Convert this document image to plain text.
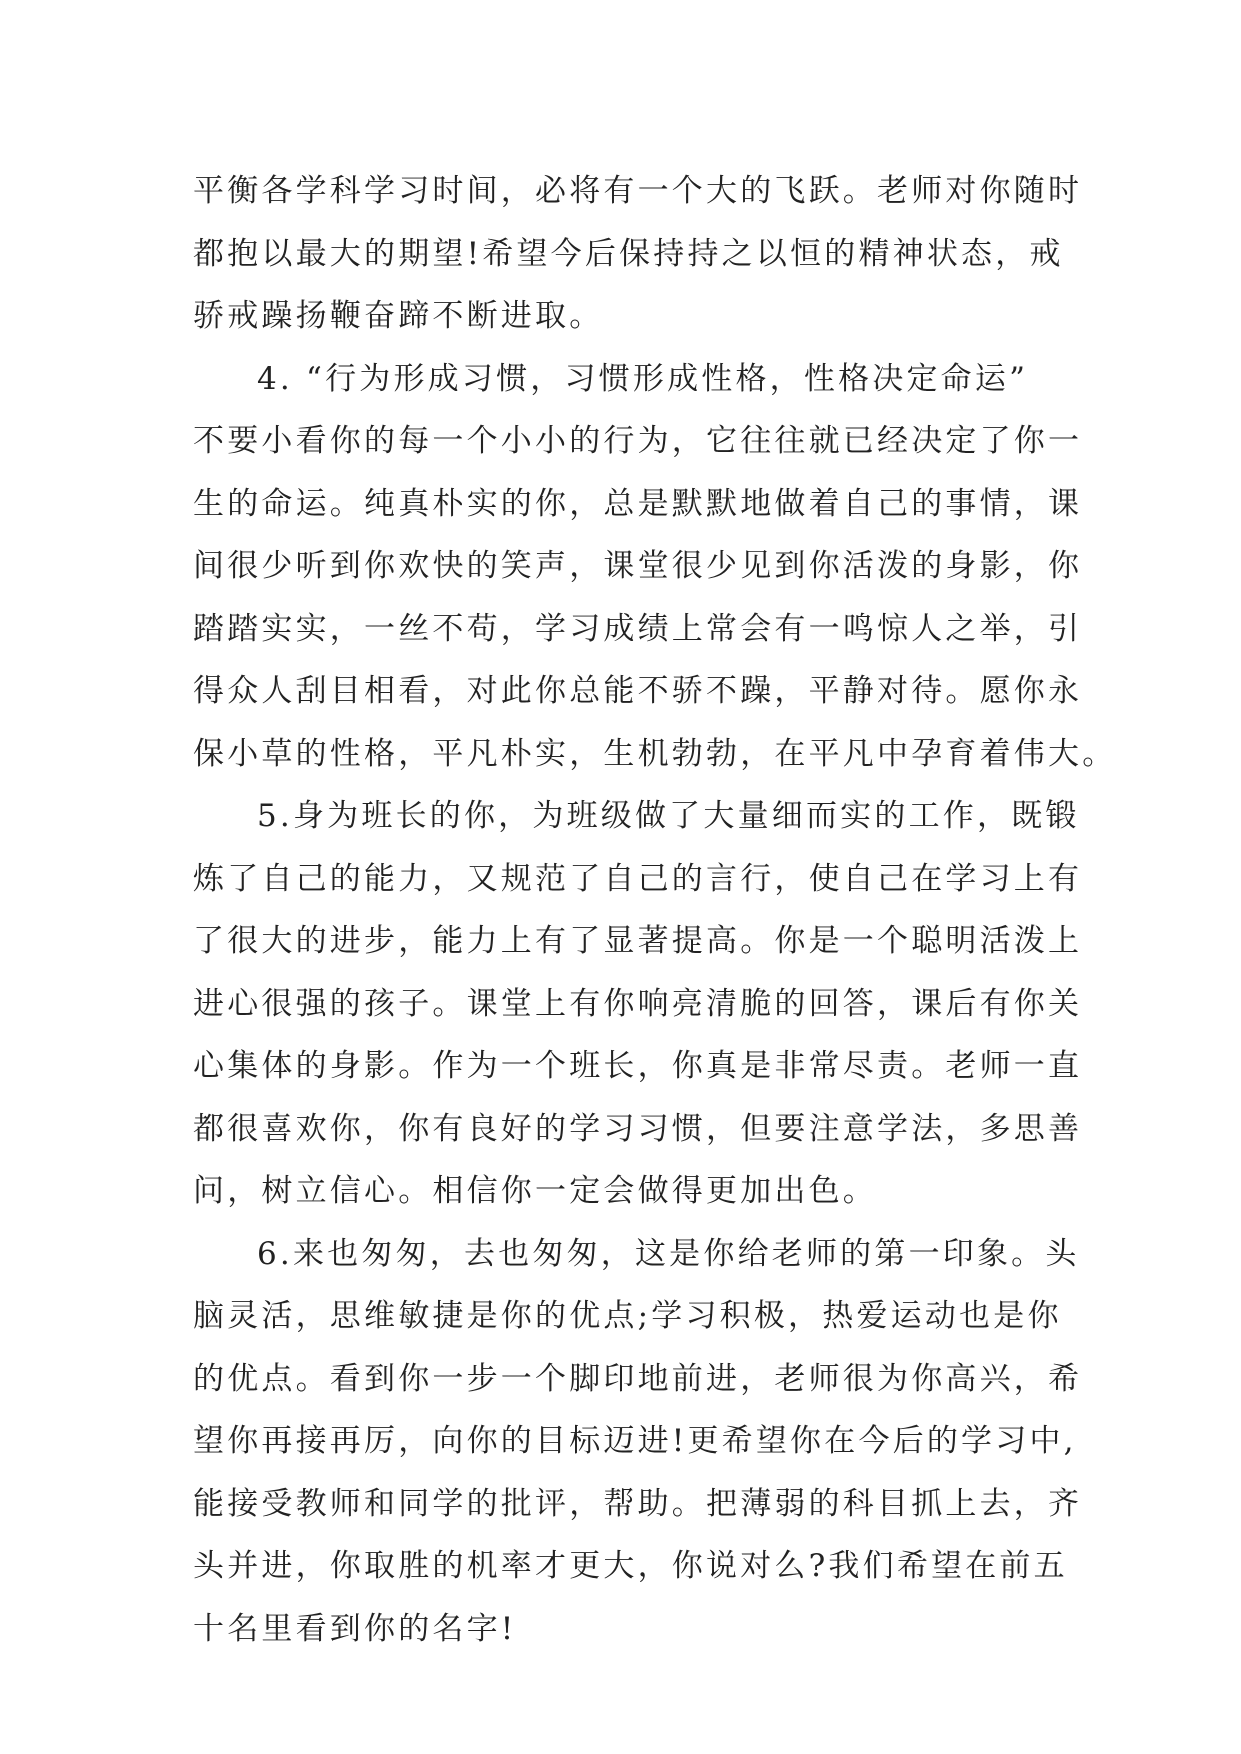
平衡各学科学习时间，必将有一个大的飞跃。老师对你随时
都抱以最大的期望!希望今后保持持之以恒的精神状态，戒
骄戒躁扬鞭奋蹄不断进取。
4. “行为形成习惯，习惯形成性格，性格决定命运”
不要小看你的每一个小小的行为，它往往就已经决定了你一
生的命运。纯真朴实的你，总是默默地做着自己的事情，课
间很少听到你欢快的笑声，课堂很少见到你活泼的身影，你
踏踏实实，一丝不苟，学习成绩上常会有一鸣惊人之举，引
得众人刮目相看，对此你总能不骄不躁，平静对待。愿你永
保小草的性格，平凡朴实，生机勃勃，在平凡中孕育着伟大。
5.身为班长的你，为班级做了大量细而实的工作，既锻
炼了自己的能力，又规范了自己的言行，使自己在学习上有
了很大的进步，能力上有了显著提高。你是一个聪明活泼上
进心很强的孩子。课堂上有你响亮清脆的回答，课后有你关
心集体的身影。作为一个班长，你真是非常尽责。老师一直
都很喜欢你，你有良好的学习习惯，但要注意学法，多思善
问，树立信心。相信你一定会做得更加出色。
6.来也匆匆，去也匆匆，这是你给老师的第一印象。头
脑灵活，思维敏捷是你的优点;学习积极，热爱运动也是你
的优点。看到你一步一个脚印地前进，老师很为你高兴，希
望你再接再厉，向你的目标迈进!更希望你在今后的学习中,
能接受教师和同学的批评，帮助。把薄弱的科目抓上去，齐
头并进，你取胜的机率才更大，你说对么?我们希望在前五
十名里看到你的名字!
